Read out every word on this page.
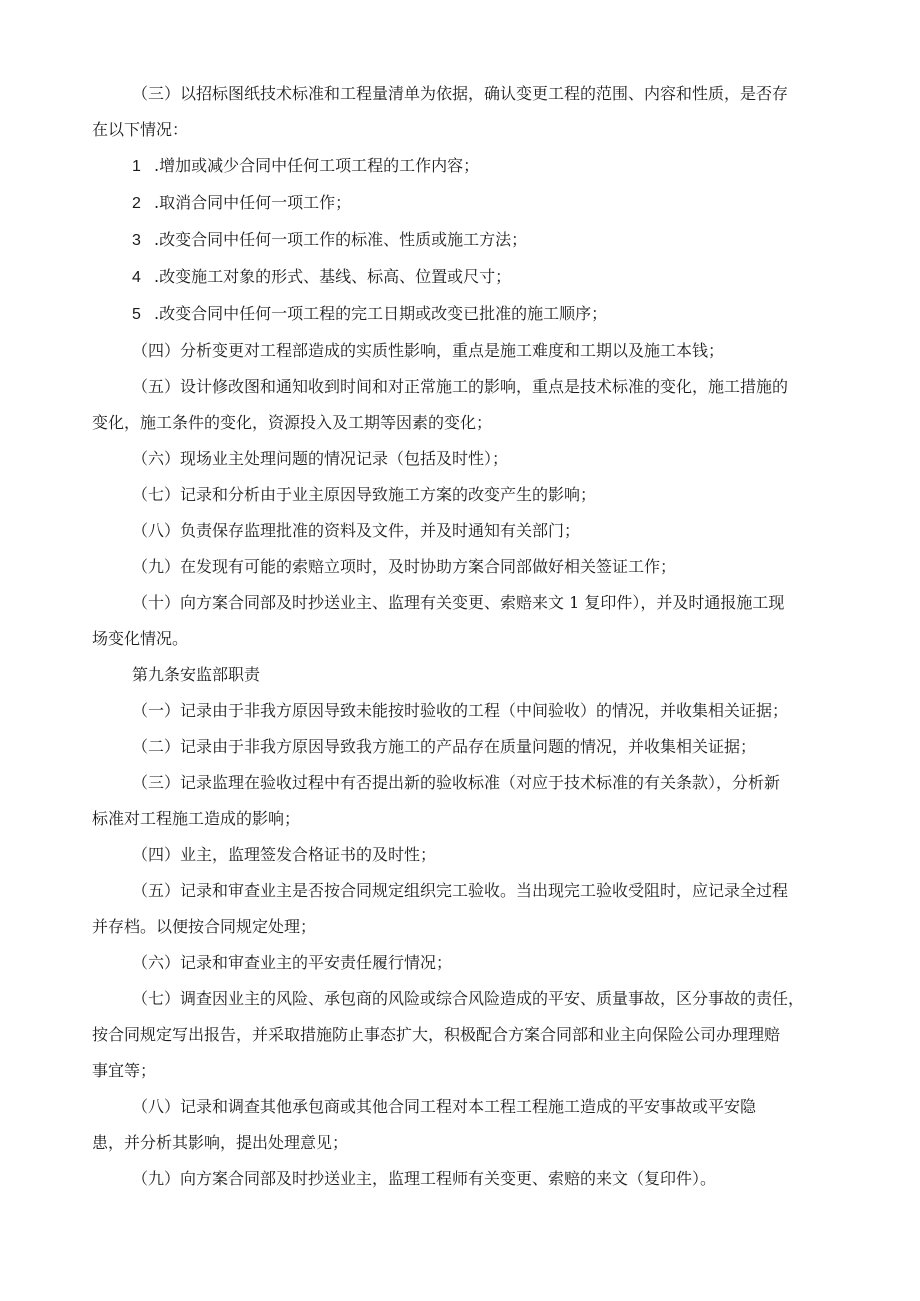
（三）以招标图纸技术标准和工程量清单为依据，确认变更工程的范围、内容和性质，是否存
在以下情况：
1 .增加或减少合同中任何工项工程的工作内容；
2 .取消合同中任何一项工作；
3 .改变合同中任何一项工作的标准、性质或施工方法；
4 .改变施工对象的形式、基线、标高、位置或尺寸；
5 .改变合同中任何一项工程的完工日期或改变已批准的施工顺序；
（四）分析变更对工程部造成的实质性影响，重点是施工难度和工期以及施工本钱；
（五）设计修改图和通知收到时间和对正常施工的影响，重点是技术标准的变化，施工措施的
变化，施工条件的变化，资源投入及工期等因素的变化；
（六）现场业主处理问题的情况记录（包括及时性）；
（七）记录和分析由于业主原因导致施工方案的改变产生的影响；
（八）负责保存监理批准的资料及文件，并及时通知有关部门；
（九）在发现有可能的索赔立项时，及时协助方案合同部做好相关签证工作；
（十）向方案合同部及时抄送业主、监理有关变更、索赔来文 1 复印件），并及时通报施工现
场变化情况。
第九条安监部职责
（一）记录由于非我方原因导致未能按时验收的工程（中间验收）的情况，并收集相关证据；
（二）记录由于非我方原因导致我方施工的产品存在质量问题的情况，并收集相关证据；
（三）记录监理在验收过程中有否提出新的验收标准（对应于技术标准的有关条款），分析新
标准对工程施工造成的影响；
（四）业主，监理签发合格证书的及时性；
（五）记录和审查业主是否按合同规定组织完工验收。当出现完工验收受阻时，应记录全过程
并存档。以便按合同规定处理；
（六）记录和审查业主的平安责任履行情况；
（七）调查因业主的风险、承包商的风险或综合风险造成的平安、质量事故，区分事故的责任，
按合同规定写出报告，并采取措施防止事态扩大，积极配合方案合同部和业主向保险公司办理理赔
事宜等；
（八）记录和调查其他承包商或其他合同工程对本工程工程施工造成的平安事故或平安隐
患，并分析其影响，提出处理意见；
（九）向方案合同部及时抄送业主，监理工程师有关变更、索赔的来文（复印件）。
